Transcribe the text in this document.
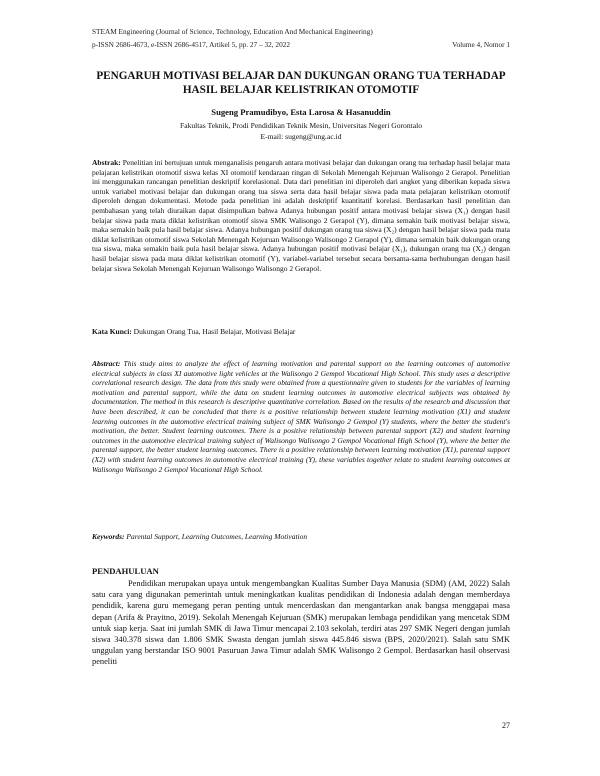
STEAM Engineering (Journal of Science, Technology, Education And Mechanical Engineering)
p-ISSN 2686-4673, e-ISSN 2686-4517, Artikel 5, pp. 27 – 32, 2022	Volume 4, Nomor 1
PENGARUH MOTIVASI BELAJAR DAN DUKUNGAN ORANG TUA TERHADAP HASIL BELAJAR KELISTRIKAN OTOMOTIF
Sugeng Pramudibyo, Esta Larosa & Hasanuddin
Fakultas Teknik, Prodi Pendidikan Teknik Mesin, Universitas Negeri Gorontalo
E-mail: sugeng@ung.ac.id
Abstrak: Penelitian ini bertujuan untuk menganalisis pengaruh antara motivasi belajar dan dukungan orang tua terhadap hasil belajar mata pelajaran kelistrikan otomotif siswa kelas XI otomotif kendaraan ringan di Sekolah Menengah Kejuruan Walisongo 2 Gerapol. Penelitian ini menggunakan rancangan penelitian deskriptif korelasional. Data dari penelitian ini diperoleh dari angket yang diberikan kepada siswa untuk variabel motivasi belajar dan dukungan orang tua siswa serta data hasil belajar siswa pada mata pelajaran kelistrikan otomotif diperoleh dengan dokumentasi. Metode pada penelitian ini adalah deskriptif kuantitatif korelasi. Berdasarkan hasil penelitian dan pembahasan yang telah diuraikan dapat disimpulkan bahwa Adanya hubungan positif antara motivasi belajar siswa (X₁) dengan hasil belajar siswa pada mata diklat kelistrikan otomotif siswa SMK Walisongo 2 Gerapol (Y), dimana semakin baik motivasi belajar siswa, maka semakin baik pula hasil belajar siswa. Adanya hubungan positif dukungan orang tua siswa (X₂) dengan hasil belajar siswa pada mata diklat kelistrikan otomotif siswa Sekolah Menengah Kejuruan Walisongo Walisongo 2 Gerapol (Y), dimana semakin baik dukungan orang tua siswa, maka semakin baik pula hasil belajar siswa. Adanya hubungan positif motivasi belajar (X₁), dukungan orang tua (X₂) dengan hasil belajar siswa pada mata diklat kelistrikan otomotif (Y), variabel-variabel tersebut secara bersama-sama berhubungan dengan hasil belajar siswa Sekolah Menengah Kejuruan Walisongo Walisongo 2 Gerapol.
Kata Kunci: Dukungan Orang Tua, Hasil Belajar, Motivasi Belajar
Abstract: This study aims to analyze the effect of learning motivation and parental support on the learning outcomes of automotive electrical subjects in class XI automotive light vehicles at the Walisongo 2 Gempol Vocational High School. This study uses a descriptive correlational research design. The data from this study were obtained from a questionnaire given to students for the variables of learning motivation and parental support, while the data on student learning outcomes in automotive electrical subjects was obtained by documentation. The method in this research is descriptive quantitative correlation. Based on the results of the research and discussion that have been described, it can be concluded that there is a positive relationship between student learning motivation (X1) and student learning outcomes in the automotive electrical training subject of SMK Walisongo 2 Gempol (Y) students, where the better the student's motivation, the better. Student learning outcomes. There is a positive relationship between parental support (X2) and student learning outcomes in the automotive electrical training subject of Walisongo Walisongo 2 Gempol Vocational High School (Y), where the better the parental support, the better student learning outcomes. There is a positive relationship between learning motivation (X1), parental support (X2) with student learning outcomes in automotive electrical training (Y), these variables together relate to student learning outcomes at Walisongo Walisongo 2 Gempol Vocational High School.
Keywords: Parental Support, Learning Outcomes, Learning Motivation
PENDAHULUAN
Pendidikan merupakan upaya untuk mengembangkan Kualitas Sumber Daya Manusia (SDM) (AM, 2022) Salah satu cara yang digunakan pemerintah untuk meningkatkan kualitas pendidikan di Indonesia adalah dengan memberdaya pendidik, karena guru memegang peran penting untuk mencerdaskan dan mengantarkan anak bangsa menggapai masa depan (Arifa & Prayitno, 2019). Sekolah Menengah Kejuruan (SMK) merupakan lembaga pendidikan yang mencetak SDM untuk siap kerja. Saat ini jumlah SMK di Jawa Timur mencapai 2.103 sekolah, terdiri atas 297 SMK Negeri dengan jumlah siswa 340.378 siswa dan 1.806 SMK Swasta dengan jumlah siswa 445.846 siswa (BPS, 2020/2021). Salah satu SMK unggulan yang berstandar ISO 9001 Pasuruan Jawa Timur adalah SMK Walisongo 2 Gempol. Berdasarkan hasil observasi peneliti
27
